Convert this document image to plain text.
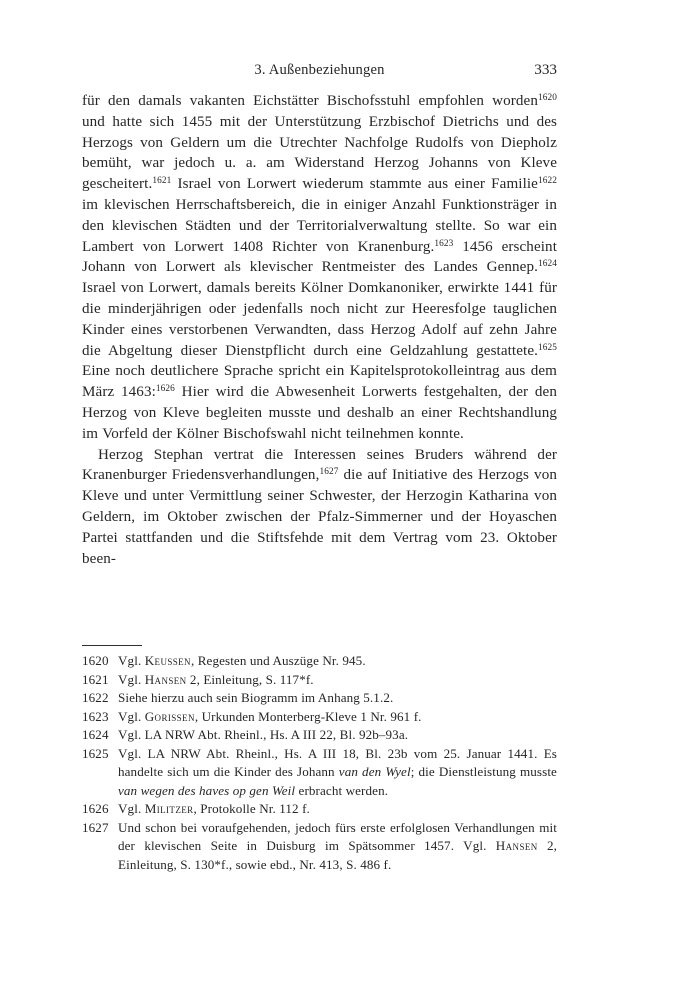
3. Außenbeziehungen	333

für den damals vakanten Eichstätter Bischofsstuhl empfohlen worden$^{1620}$ und hatte sich 1455 mit der Unterstützung Erzbischof Dietrichs und des Herzogs von Geldern um die Utrechter Nachfolge Rudolfs von Diepholz bemüht, war jedoch u. a. am Widerstand Herzog Johanns von Kleve gescheitert.$^{1621}$ Israel von Lorwert wiederum stammte aus einer Familie$^{1622}$ im klevischen Herrschaftsbereich, die in einiger Anzahl Funktionsträger in den klevischen Städten und der Territorialverwaltung stellte. So war ein Lambert von Lorwert 1408 Richter von Kranenburg.$^{1623}$ 1456 erscheint Johann von Lorwert als klevischer Rentmeister des Landes Gennep.$^{1624}$ Israel von Lorwert, damals bereits Kölner Domkanoniker, erwirkte 1441 für die minderjährigen oder jedenfalls noch nicht zur Heeresfolge tauglichen Kinder eines verstorbenen Verwandten, dass Herzog Adolf auf zehn Jahre die Abgeltung dieser Dienstpflicht durch eine Geldzahlung gestattete.$^{1625}$ Eine noch deutlichere Sprache spricht ein Kapitelsprotokolleintrag aus dem März 1463:$^{1626}$ Hier wird die Abwesenheit Lorwerts festgehalten, der den Herzog von Kleve begleiten musste und deshalb an einer Rechtshandlung im Vorfeld der Kölner Bischofswahl nicht teilnehmen konnte.

Herzog Stephan vertrat die Interessen seines Bruders während der Kranenburger Friedensverhandlungen,$^{1627}$ die auf Initiative des Herzogs von Kleve und unter Vermittlung seiner Schwester, der Herzogin Katharina von Geldern, im Oktober zwischen der Pfalz-Simmerner und der Hoyaschen Partei stattfanden und die Stiftsfehde mit dem Vertrag vom 23. Oktober been-

1620 Vgl. Keussen, Regesten und Auszüge Nr. 945.
1621 Vgl. Hansen 2, Einleitung, S. 117*f.
1622 Siehe hierzu auch sein Biogramm im Anhang 5.1.2.
1623 Vgl. Gorissen, Urkunden Monterberg-Kleve 1 Nr. 961 f.
1624 Vgl. LA NRW Abt. Rheinl., Hs. A III 22, Bl. 92b–93a.
1625 Vgl. LA NRW Abt. Rheinl., Hs. A III 18, Bl. 23b vom 25. Januar 1441. Es handelte sich um die Kinder des Johann van den Wyel; die Dienstleistung musste van wegen des haves op gen Weil erbracht werden.
1626 Vgl. Militzer, Protokolle Nr. 112 f.
1627 Und schon bei voraufgehenden, jedoch fürs erste erfolglosen Verhandlungen mit der klevischen Seite in Duisburg im Spätsommer 1457. Vgl. Hansen 2, Einleitung, S. 130*f., sowie ebd., Nr. 413, S. 486 f.
